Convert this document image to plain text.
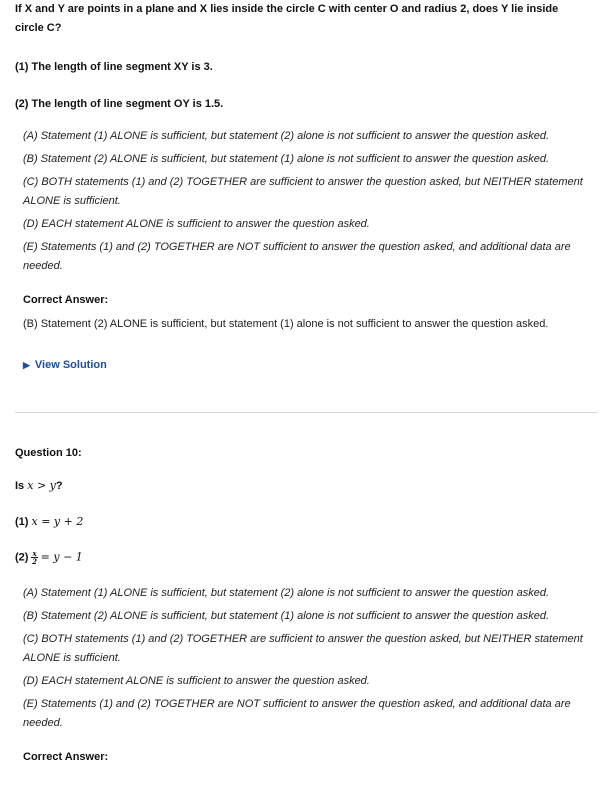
If X and Y are points in a plane and X lies inside the circle C with center O and radius 2, does Y lie inside circle C?

(1) The length of line segment XY is 3.

(2) The length of line segment OY is 1.5.

(A) Statement (1) ALONE is sufficient, but statement (2) alone is not sufficient to answer the question asked.

(B) Statement (2) ALONE is sufficient, but statement (1) alone is not sufficient to answer the question asked.

(C) BOTH statements (1) and (2) TOGETHER are sufficient to answer the question asked, but NEITHER statement ALONE is sufficient.

(D) EACH statement ALONE is sufficient to answer the question asked.

(E) Statements (1) and (2) TOGETHER are NOT sufficient to answer the question asked, and additional data are needed.

Correct Answer:
(B) Statement (2) ALONE is sufficient, but statement (1) alone is not sufficient to answer the question asked.
▶ View Solution
Question 10:
Is x > y?
(1) x = y + 2
$(2) \frac{x}{2} = y - 1$

(A) Statement (1) ALONE is sufficient, but statement (2) alone is not sufficient to answer the question asked.

(B) Statement (2) ALONE is sufficient, but statement (1) alone is not sufficient to answer the question asked.

(C) BOTH statements (1) and (2) TOGETHER are sufficient to answer the question asked, but NEITHER statement ALONE is sufficient.

(D) EACH statement ALONE is sufficient to answer the question asked.

(E) Statements (1) and (2) TOGETHER are NOT sufficient to answer the question asked, and additional data are needed.

Correct Answer:
